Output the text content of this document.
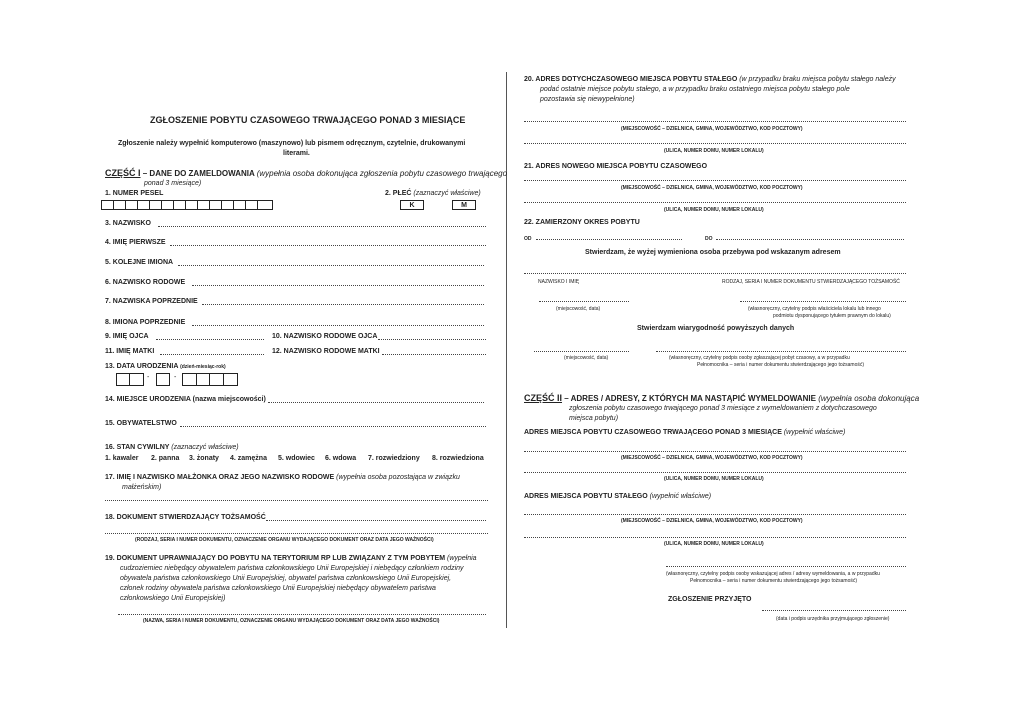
ZGŁOSZENIE POBYTU CZASOWEGO TRWAJĄCEGO PONAD 3 MIESIĄCE
Zgłoszenie należy wypełnić komputerowo (maszynowo) lub pismem odręcznym, czytelnie, drukowanymi
literami.
CZĘŚĆ I – DANE DO ZAMELDOWANIA (wypełnia osoba dokonująca zgłoszenia pobytu czasowego trwającego
ponad 3 miesiące)
1. NUMER PESEL	2. PŁEĆ (zaznaczyć właściwe)
K	M
3. NAZWISKO
4. IMIĘ PIERWSZE
5. KOLEJNE IMIONA
6. NAZWISKO RODOWE
7. NAZWISKA POPRZEDNIE
8. IMIONA POPRZEDNIE
9. IMIĘ OJCA	10. NAZWISKO RODOWE OJCA
11. IMIĘ MATKI	12. NAZWISKO RODOWE MATKI
13. DATA URODZENIA (dzień-miesiąc-rok)
-	-
14. MIEJSCE URODZENIA (nazwa miejscowości)
15. OBYWATELSTWO
16. STAN CYWILNY (zaznaczyć właściwe)
1. kawaler 2. panna 3. żonaty 4. zamężna 5. wdowiec 6. wdowa 7. rozwiedziony 8. rozwiedziona
17. IMIĘ I NAZWISKO MAŁŻONKA ORAZ JEGO NAZWISKO RODOWE (wypełnia osoba pozostająca w związku
małżeńskim)
18. DOKUMENT STWIERDZAJĄCY TOŻSAMOŚĆ
(RODZAJ, SERIA I NUMER DOKUMENTU, OZNACZENIE ORGANU WYDAJĄCEGO DOKUMENT ORAZ DATA JEGO WAŻNOŚCI)
19. DOKUMENT UPRAWNIAJĄCY DO POBYTU NA TERYTORIUM RP LUB ZWIĄZANY Z TYM POBYTEM (wypełnia
cudzoziemiec niebędący obywatelem państwa członkowskiego Unii Europejskiej i niebędący członkiem rodziny
obywatela państwa członkowskiego Unii Europejskiej, obywatel państwa członkowskiego Unii Europejskiej,
członek rodziny obywatela państwa członkowskiego Unii Europejskiej niebędący obywatelem państwa
członkowskiego Unii Europejskiej)
(NAZWA, SERIA I NUMER DOKUMENTU, OZNACZENIE ORGANU WYDAJĄCEGO DOKUMENT ORAZ DATA JEGO WAŻNOŚCI)
20. ADRES DOTYCHCZASOWEGO MIEJSCA POBYTU STAŁEGO (w przypadku braku miejsca pobytu stałego należy
podać ostatnie miejsce pobytu stałego, a w przypadku braku ostatniego miejsca pobytu stałego pole
pozostawia się niewypełnione)
(MIEJSCOWOŚĆ – DZIELNICA, GMINA, WOJEWÓDZTWO, KOD POCZTOWY)
(ULICA, NUMER DOMU, NUMER LOKALU)
21. ADRES NOWEGO MIEJSCA POBYTU CZASOWEGO
(MIEJSCOWOŚĆ – DZIELNICA, GMINA, WOJEWÓDZTWO, KOD POCZTOWY)
(ULICA, NUMER DOMU, NUMER LOKALU)
22. ZAMIERZONY OKRES POBYTU
OD	DO
Stwierdzam, że wyżej wymieniona osoba przebywa pod wskazanym adresem
NAZWISKO I IMIĘ	RODZAJ, SERIA I NUMER DOKUMENTU STWIERDZAJĄCEGO TOŻSAMOŚĆ
(miejscowość, data)	(własnoręczny, czytelny podpis właściciela lokalu lub innego
podmiotu dysponującego tytułem prawnym do lokalu)
Stwierdzam wiarygodność powyższych danych
(miejscowość, data)	(własnoręczny, czytelny podpis osoby zgłaszającej pobyt czasowy, a w przypadku
Pełnomocnika – seria i numer dokumentu stwierdzającego jego tożsamość)
CZĘŚĆ II – ADRES / ADRESY, Z KTÓRYCH MA NASTĄPIĆ WYMELDOWANIE (wypełnia osoba dokonująca
zgłoszenia pobytu czasowego trwającego ponad 3 miesiące z wymeldowaniem z dotychczasowego
miejsca pobytu)
ADRES MIEJSCA POBYTU CZASOWEGO TRWAJĄCEGO PONAD 3 MIESIĄCE (wypełnić właściwe)
(MIEJSCOWOŚĆ – DZIELNICA, GMINA, WOJEWÓDZTWO, KOD POCZTOWY)
(ULICA, NUMER DOMU, NUMER LOKALU)
ADRES MIEJSCA POBYTU STAŁEGO (wypełnić właściwe)
(MIEJSCOWOŚĆ – DZIELNICA, GMINA, WOJEWÓDZTWO, KOD POCZTOWY)
(ULICA, NUMER DOMU, NUMER LOKALU)
(własnoręczny, czytelny podpis osoby wskazującej adres / adresy wymeldowania, a w przypadku
Pełnomocnika – seria i numer dokumentu stwierdzającego jego tożsamość)
ZGŁOSZENIE PRZYJĘTO
(data i podpis urzędnika przyjmującego zgłoszenie)
